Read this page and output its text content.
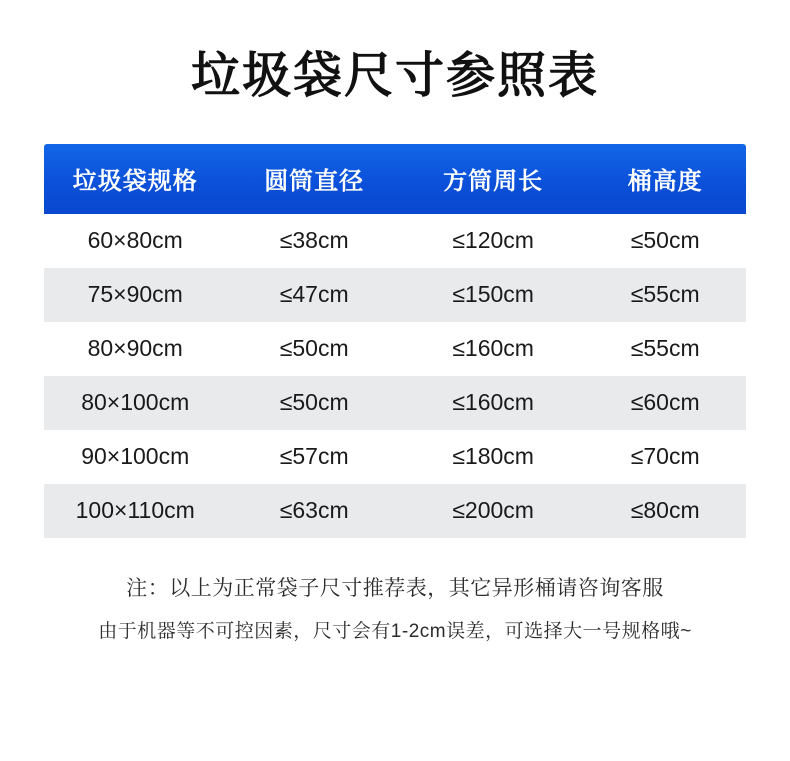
垃圾袋尺寸参照表
垃圾袋规格	圆筒直径	方筒周长	桶高度
60×80cm	≤38cm	≤120cm	≤50cm
75×90cm	≤47cm	≤150cm	≤55cm
80×90cm	≤50cm	≤160cm	≤55cm
80×100cm	≤50cm	≤160cm	≤60cm
90×100cm	≤57cm	≤180cm	≤70cm
100×110cm	≤63cm	≤200cm	≤80cm
注：以上为正常袋子尺寸推荐表，其它异形桶请咨询客服
由于机器等不可控因素，尺寸会有1-2cm误差，可选择大一号规格哦~
